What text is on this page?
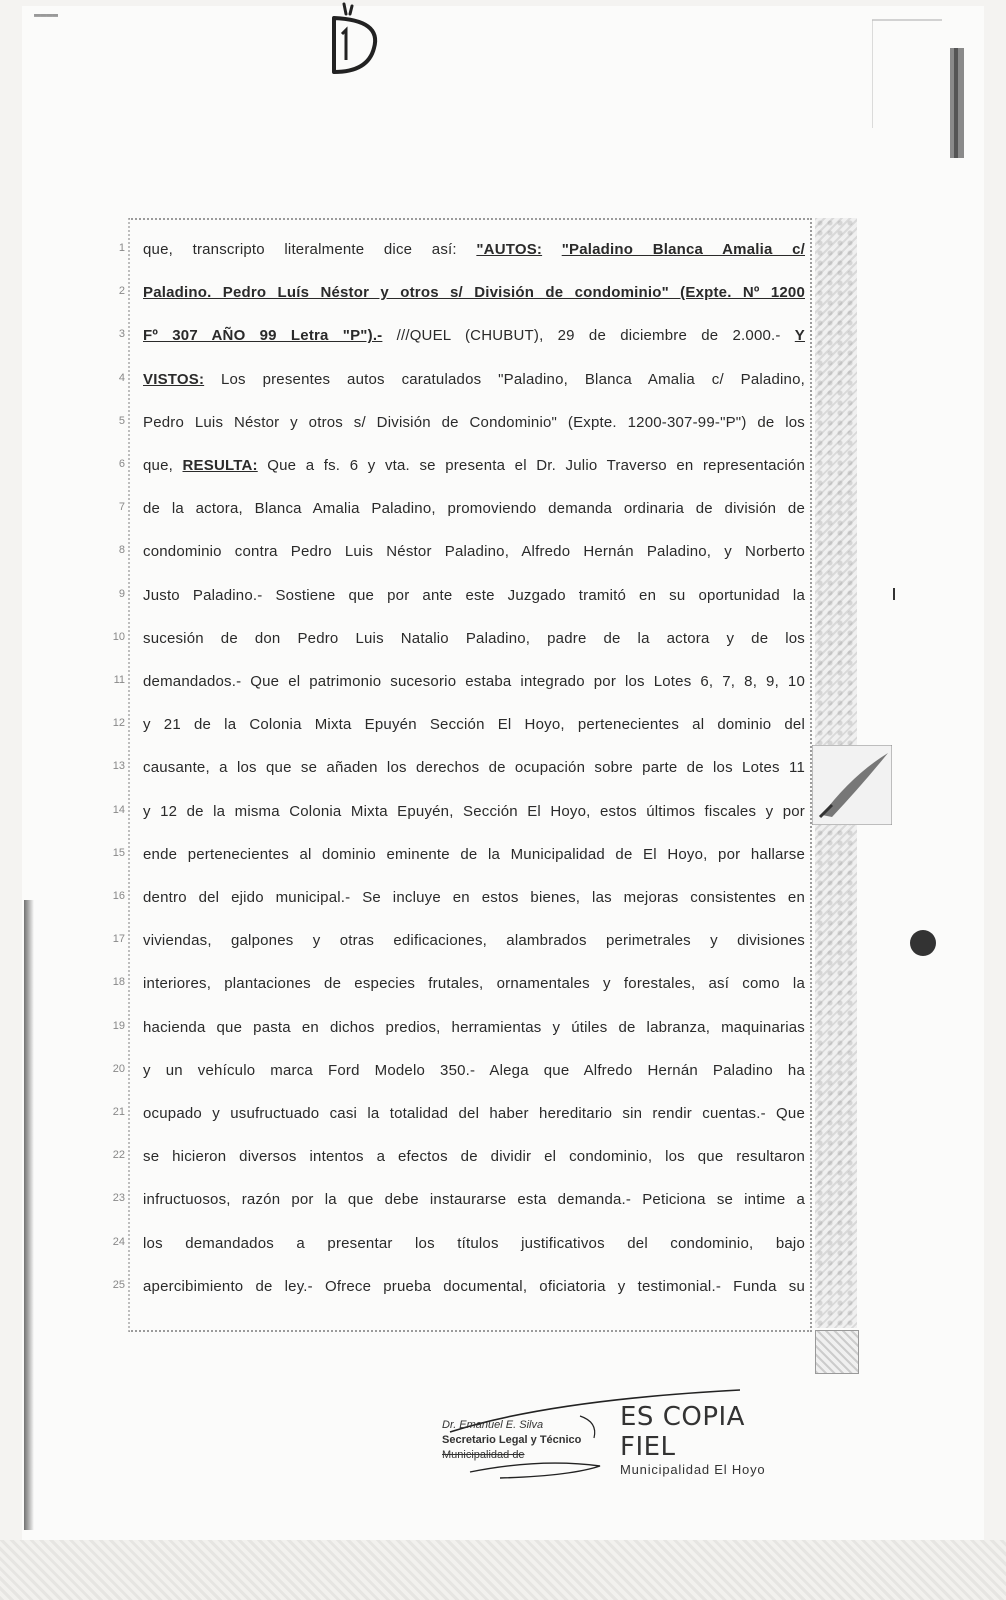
▬▬▬▬
D
1 que, transcripto literalmente dice así: "AUTOS: "Paladino Blanca Amalia c/
2 Paladino. Pedro Luís Néstor y otros s/ División de condominio" (Expte. Nº 1200
3 Fº 307 AÑO 99 Letra "P").- ///QUEL (CHUBUT), 29 de diciembre de 2.000.- Y
4 VISTOS: Los presentes autos caratulados "Paladino, Blanca Amalia c/ Paladino,
5 Pedro Luis Néstor y otros s/ División de Condominio" (Expte. 1200-307-99-"P") de los
6 que, RESULTA: Que a fs. 6 y vta. se presenta el Dr. Julio Traverso en representación
7 de la actora, Blanca Amalia Paladino, promoviendo demanda ordinaria de división de
8 condominio contra Pedro Luis Néstor Paladino, Alfredo Hernán Paladino, y Norberto
9 Justo Paladino.- Sostiene que por ante este Juzgado tramitó en su oportunidad la
10 sucesión de don Pedro Luis Natalio Paladino, padre de la actora y de los
11 demandados.- Que el patrimonio sucesorio estaba integrado por los Lotes 6, 7, 8, 9, 10
12 y 21 de la Colonia Mixta Epuyén Sección El Hoyo, pertenecientes al dominio del
13 causante, a los que se añaden los derechos de ocupación sobre parte de los Lotes 11
14 y 12 de la misma Colonia Mixta Epuyén, Sección El Hoyo, estos últimos fiscales y por
15 ende pertenecientes al dominio eminente de la Municipalidad de El Hoyo, por hallarse
16 dentro del ejido municipal.- Se incluye en estos bienes, las mejoras consistentes en
17 viviendas, galpones y otras edificaciones, alambrados perimetrales y divisiones
18 interiores, plantaciones de especies frutales, ornamentales y forestales, así como la
19 hacienda que pasta en dichos predios, herramientas y útiles de labranza, maquinarias
20 y un vehículo marca Ford Modelo 350.- Alega que Alfredo Hernán Paladino ha
21 ocupado y usufructuado casi la totalidad del haber hereditario sin rendir cuentas.- Que
22 se hicieron diversos intentos a efectos de dividir el condominio, los que resultaron
23 infructuosos, razón por la que debe instaurarse esta demanda.- Peticiona se intime a
24 los demandados a presentar los títulos justificativos del condominio, bajo
25 apercibimiento de ley.- Ofrece prueba documental, oficiatoria y testimonial.- Funda su
Dr. Emanuel E. Silva
Secretario Legal y Técnico
Municipalidad de
ES COPIA FIEL
Municipalidad El Hoyo
